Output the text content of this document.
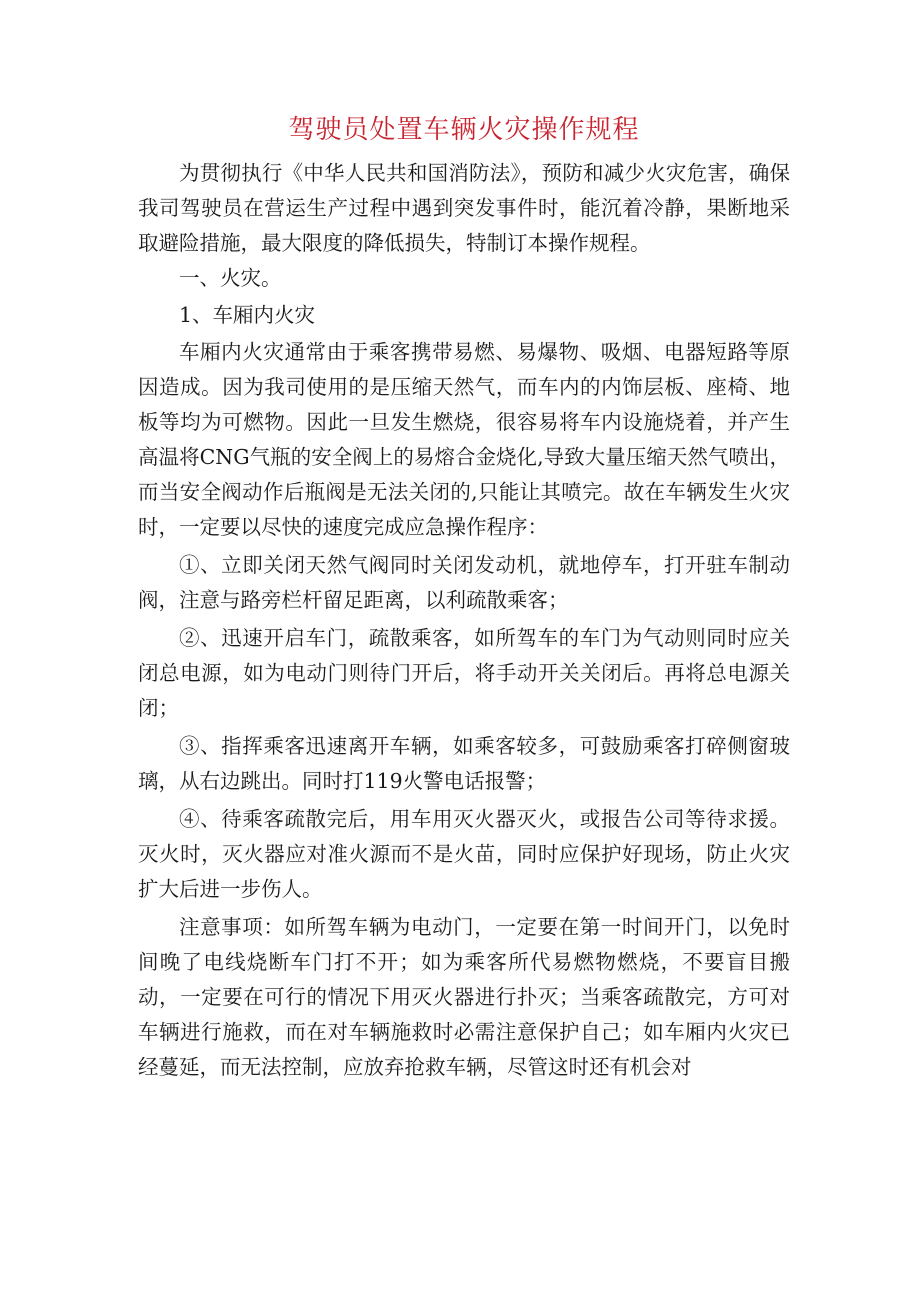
驾驶员处置车辆火灾操作规程

为贯彻执行《中华人民共和国消防法》，预防和减少火灾危害，确保我司驾驶员在营运生产过程中遇到突发事件时，能沉着冷静，果断地采取避险措施，最大限度的降低损失，特制订本操作规程。

一、火灾。

1、车厢内火灾

车厢内火灾通常由于乘客携带易燃、易爆物、吸烟、电器短路等原因造成。因为我司使用的是压缩天然气，而车内的内饰层板、座椅、地板等均为可燃物。因此一旦发生燃烧，很容易将车内设施烧着，并产生高温将CNG气瓶的安全阀上的易熔合金烧化,导致大量压缩天然气喷出，而当安全阀动作后瓶阀是无法关闭的,只能让其喷完。故在车辆发生火灾时，一定要以尽快的速度完成应急操作程序：

①、立即关闭天然气阀同时关闭发动机，就地停车，打开驻车制动阀，注意与路旁栏杆留足距离，以利疏散乘客；

②、迅速开启车门，疏散乘客，如所驾车的车门为气动则同时应关闭总电源，如为电动门则待门开后，将手动开关关闭后。再将总电源关闭；

③、指挥乘客迅速离开车辆，如乘客较多，可鼓励乘客打碎侧窗玻璃，从右边跳出。同时打119火警电话报警；

④、待乘客疏散完后，用车用灭火器灭火，或报告公司等待求援。灭火时，灭火器应对准火源而不是火苗，同时应保护好现场，防止火灾扩大后进一步伤人。

注意事项：如所驾车辆为电动门，一定要在第一时间开门，以免时间晚了电线烧断车门打不开；如为乘客所代易燃物燃烧，不要盲目搬动，一定要在可行的情况下用灭火器进行扑灭；当乘客疏散完，方可对车辆进行施救，而在对车辆施救时必需注意保护自己；如车厢内火灾已经蔓延，而无法控制，应放弃抢救车辆，尽管这时还有机会对
